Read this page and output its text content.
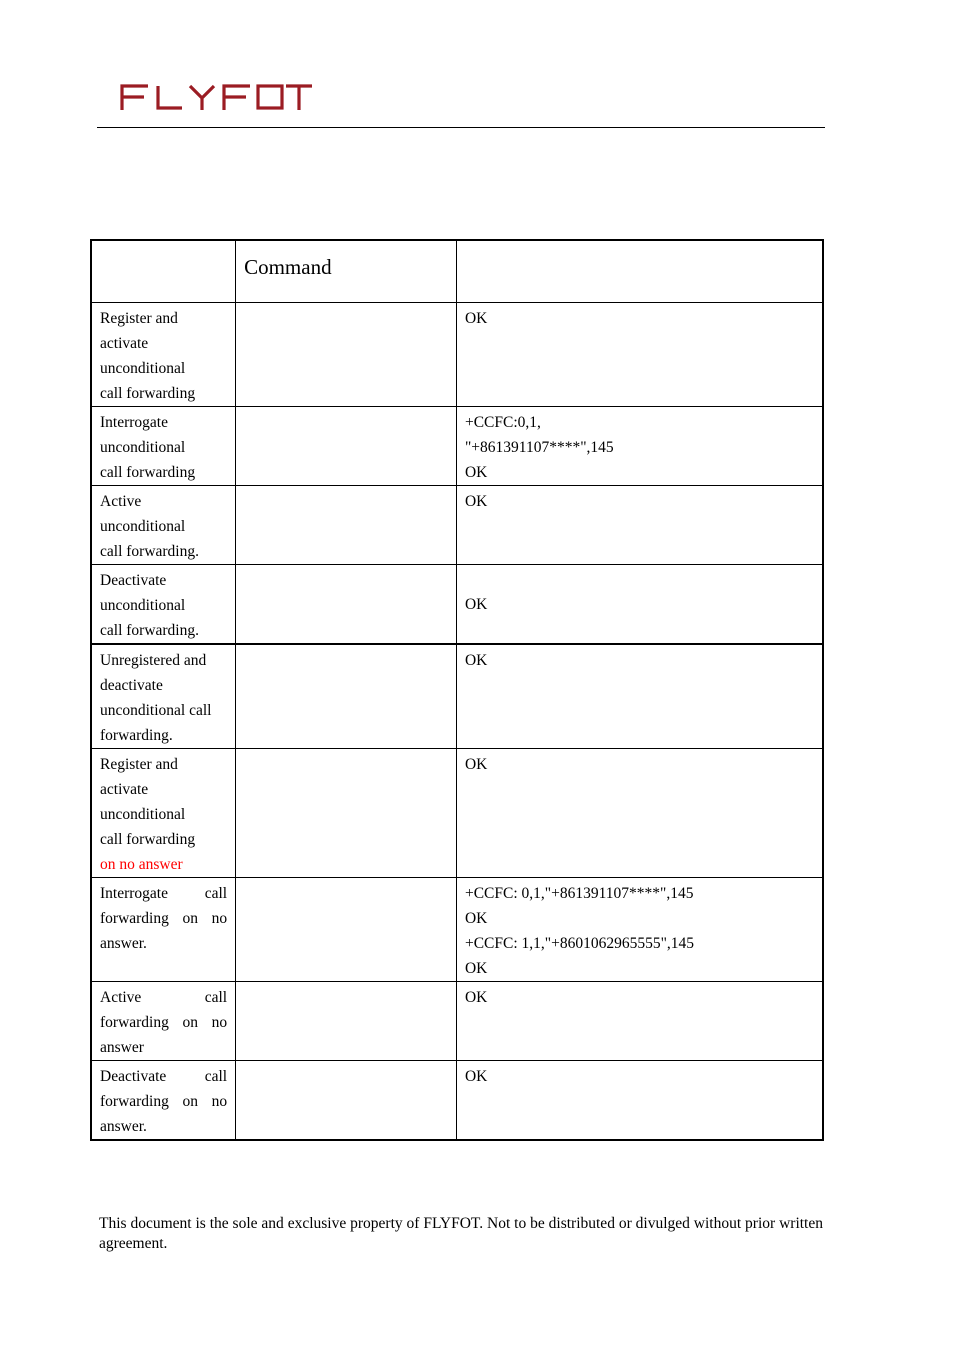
	Command	

Register and
activate
unconditional
call forwarding		OK

Interrogate
unconditional
call forwarding		+CCFC:0,1,
"+861391107****",145
OK

Active
unconditional
call forwarding.		OK

Deactivate
unconditional
call forwarding.		OK

Unregistered and
deactivate
unconditional call
forwarding.		OK

Register and
activate
unconditional
call forwarding
on no answer		OK

Interrogate call
forwarding on no
answer.		+CCFC: 0,1,"+861391107****",145
OK
+CCFC: 1,1,"+8601062965555",145
OK

Active call
forwarding on no
answer		OK

Deactivate call
forwarding on no
answer.		OK
This document is the sole and exclusive property of FLYFOT. Not to be distributed or divulged without prior written agreement.
